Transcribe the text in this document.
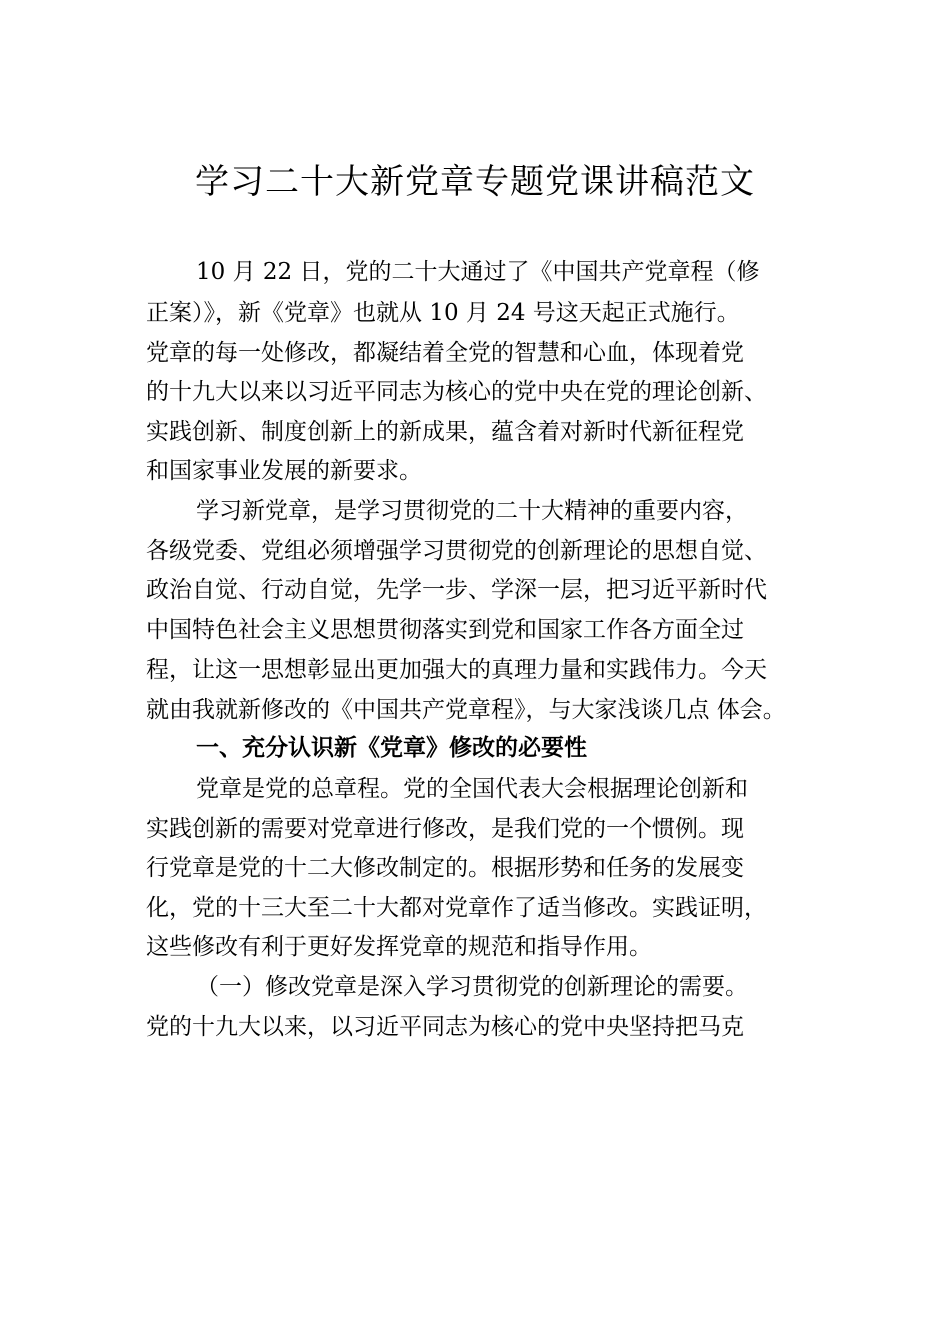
学习二十大新党章专题党课讲稿范文
10 月 22 日，党的二十大通过了《中国共产党章程（修
正案）》，新《党章》也就从 10 月 24 号这天起正式施行。
党章的每一处修改，都凝结着全党的智慧和心血，体现着党
的十九大以来以习近平同志为核心的党中央在党的理论创新、
实践创新、制度创新上的新成果，蕴含着对新时代新征程党
和国家事业发展的新要求。
学习新党章，是学习贯彻党的二十大精神的重要内容，
各级党委、党组必须增强学习贯彻党的创新理论的思想自觉、
政治自觉、行动自觉，先学一步、学深一层，把习近平新时代
中国特色社会主义思想贯彻落实到党和国家工作各方面全过
程，让这一思想彰显出更加强大的真理力量和实践伟力。今天
就由我就新修改的《中国共产党章程》，与大家浅谈几点 体会。
一、充分认识新《党章》修改的必要性
党章是党的总章程。党的全国代表大会根据理论创新和
实践创新的需要对党章进行修改，是我们党的一个惯例。现
行党章是党的十二大修改制定的。根据形势和任务的发展变
化，党的十三大至二十大都对党章作了适当修改。实践证明，
这些修改有利于更好发挥党章的规范和指导作用。
（一）修改党章是深入学习贯彻党的创新理论的需要。
党的十九大以来，以习近平同志为核心的党中央坚持把马克
